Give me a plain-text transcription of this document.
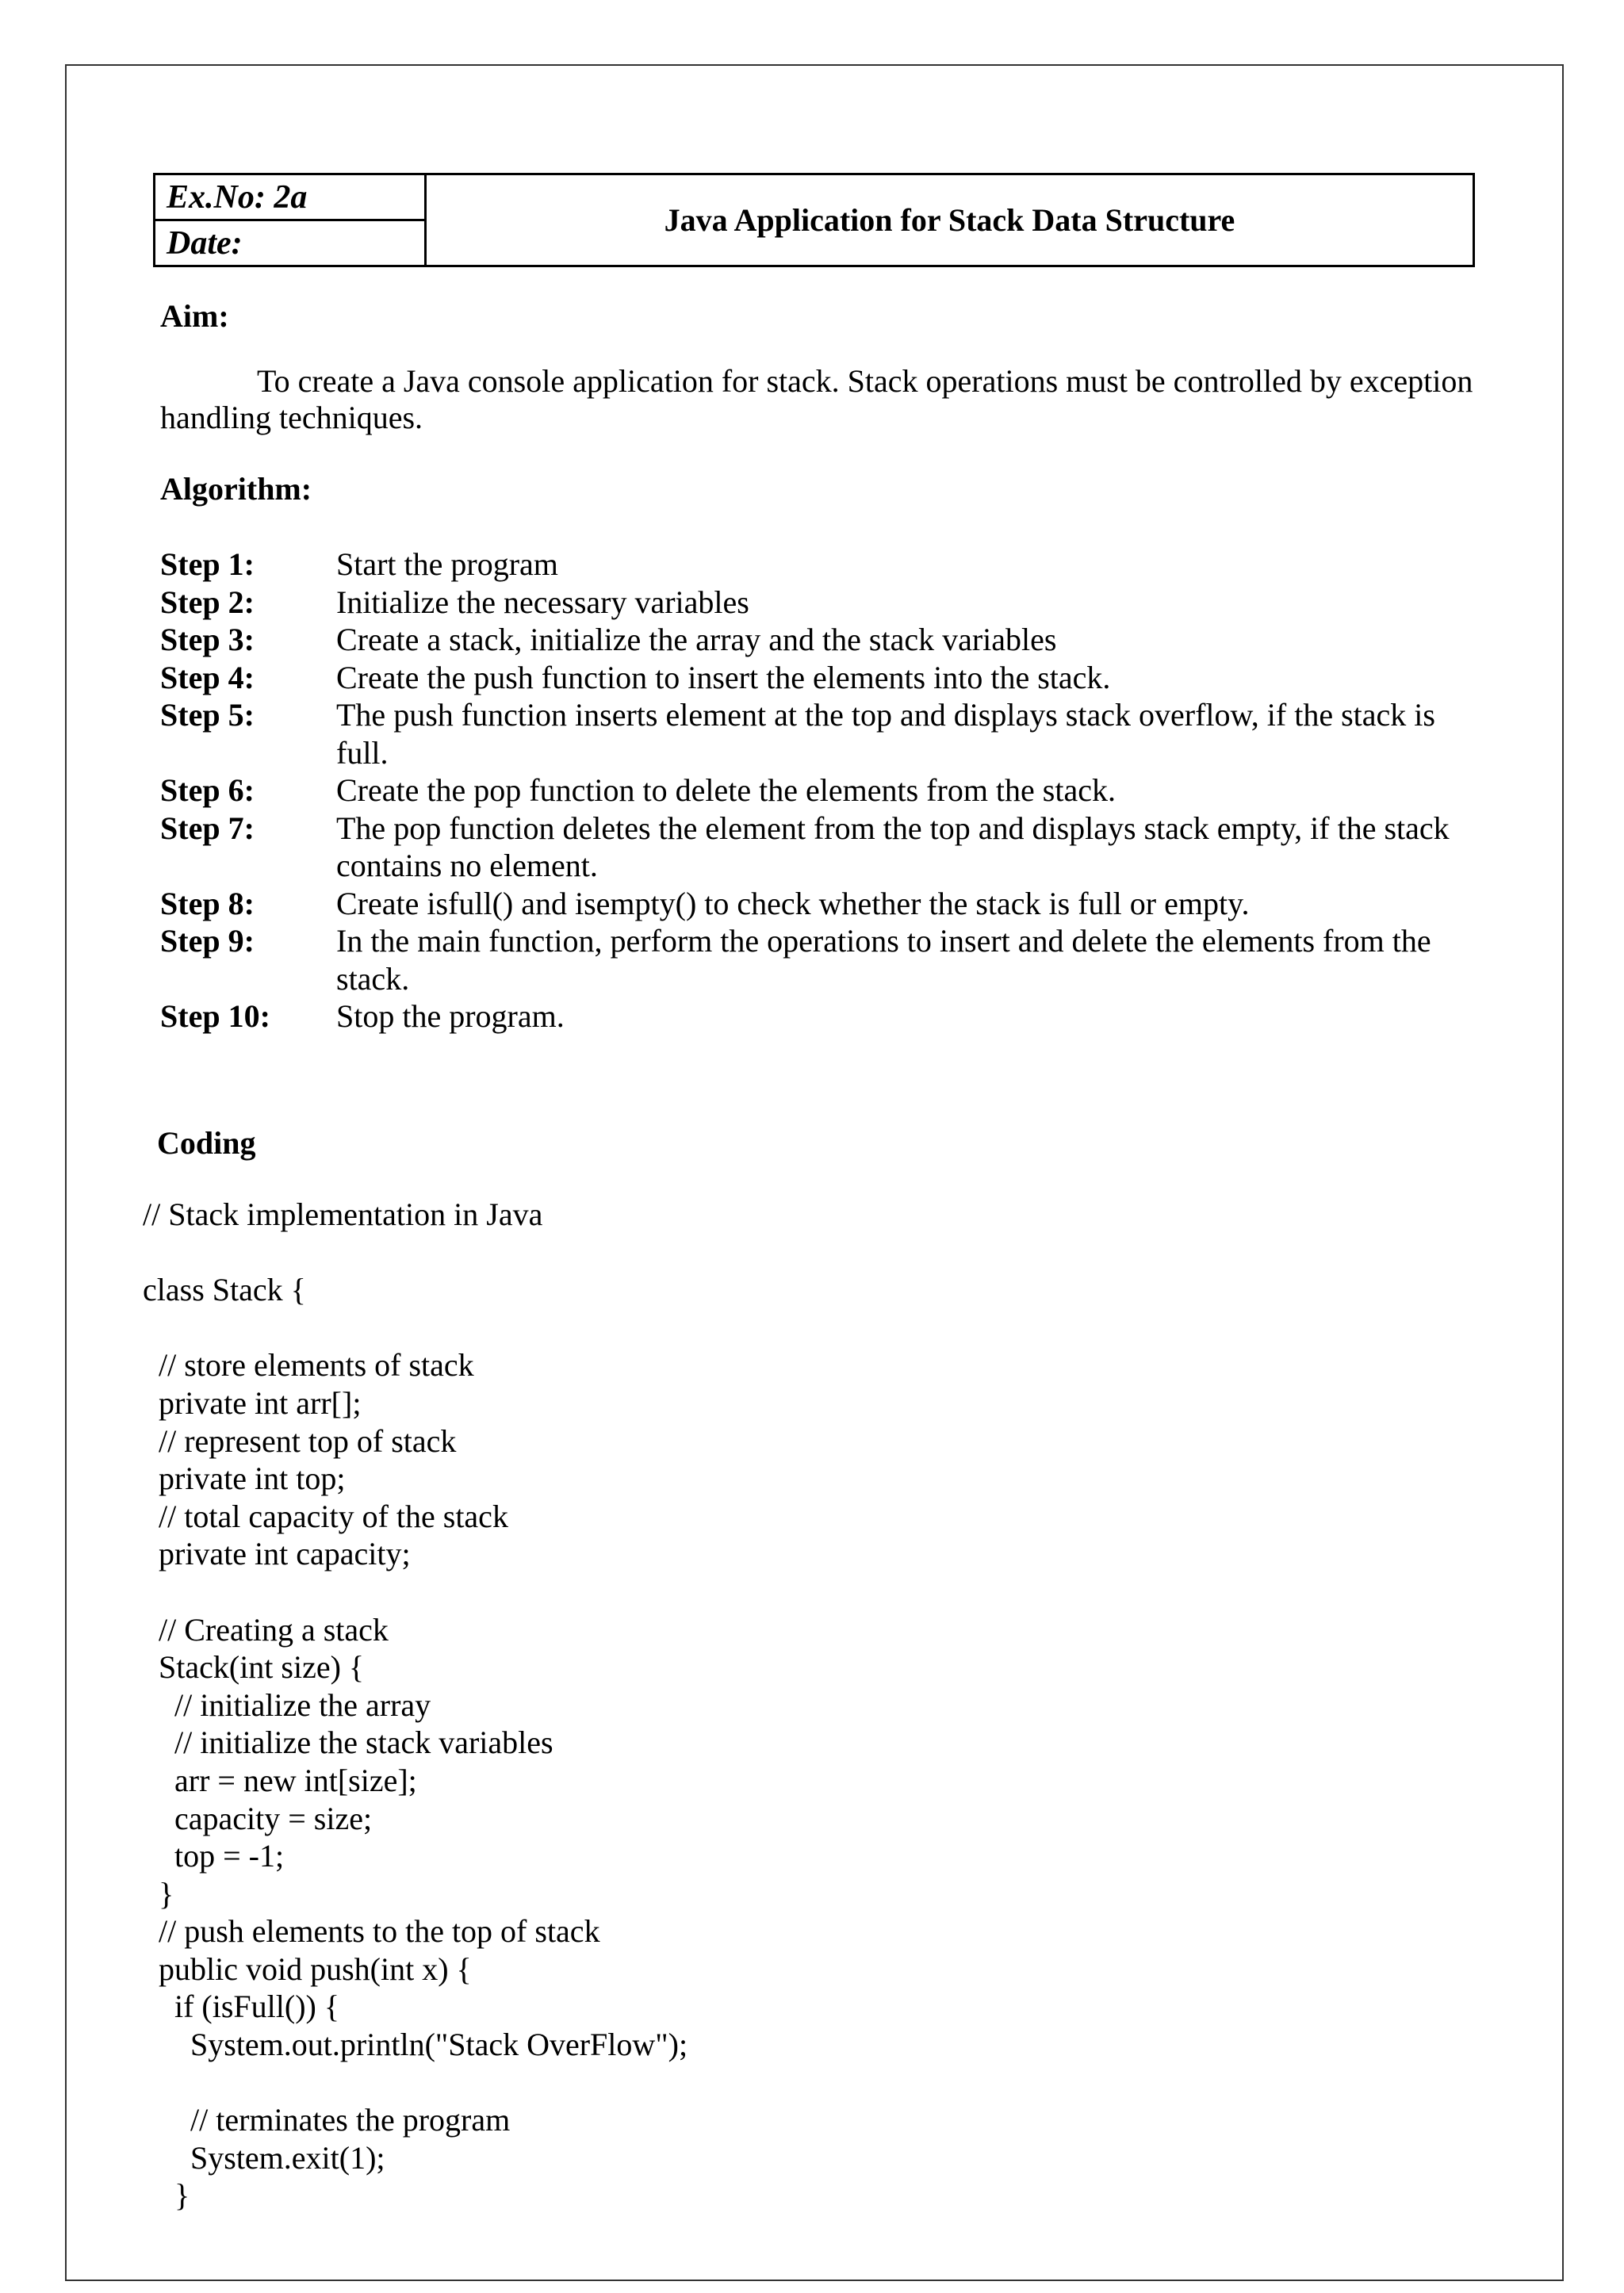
Ex.No: 2a	Java Application for Stack Data Structure
Date:
Aim:
To create a Java console application for stack. Stack operations must be controlled by exception handling techniques.
Algorithm:
Step 1:	Start the program
Step 2:	Initialize the necessary variables
Step 3:	Create a stack, initialize the array and the stack variables
Step 4:	Create the push function to insert the elements into the stack.
Step 5:	The push function inserts element at the top and displays stack overflow, if the stack is full.
Step 6:	Create the pop function to delete the elements from the stack.
Step 7:	The pop function deletes the element from the top and displays stack empty, if the stack contains no element.
Step 8:	Create isfull() and isempty() to check whether the stack is full or empty.
Step 9:	In the main function, perform the operations to insert and delete the elements from the stack.
Step 10:	Stop the program.
Coding
// Stack implementation in Java
class Stack {
// store elements of stack
private int arr[];
// represent top of stack
private int top;
// total capacity of the stack
private int capacity;
// Creating a stack
Stack(int size) {
// initialize the array
// initialize the stack variables
arr = new int[size];
capacity = size;
top = -1;
}
// push elements to the top of stack
public void push(int x) {
if (isFull()) {
System.out.println("Stack OverFlow");
// terminates the program
System.exit(1);
}
